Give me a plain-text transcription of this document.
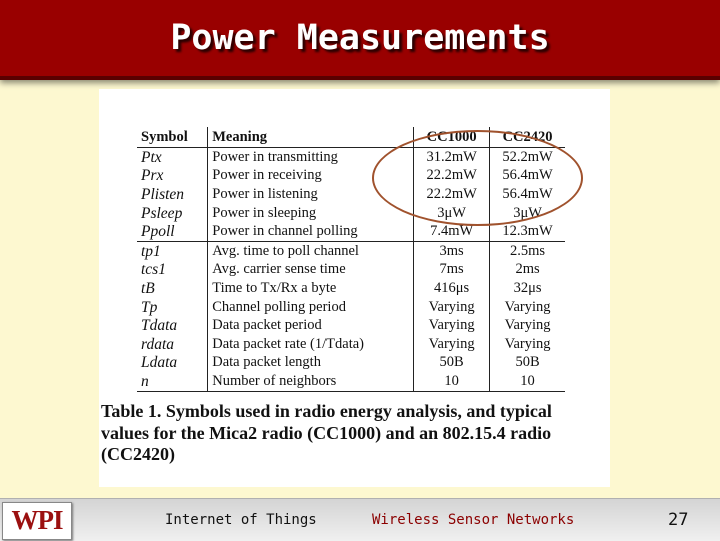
Power Measurements
Symbol	Meaning	CC1000	CC2420
Ptx	Power in transmitting	31.2mW	52.2mW
Prx	Power in receiving	22.2mW	56.4mW
Plisten	Power in listening	22.2mW	56.4mW
Psleep	Power in sleeping	3μW	3μW
Ppoll	Power in channel polling	7.4mW	12.3mW
tp1	Avg. time to poll channel	3ms	2.5ms
tcs1	Avg. carrier sense time	7ms	2ms
tB	Time to Tx/Rx a byte	416μs	32μs
Tp	Channel polling period	Varying	Varying
Tdata	Data packet period	Varying	Varying
rdata	Data packet rate (1/Tdata)	Varying	Varying
Ldata	Data packet length	50B	50B
n	Number of neighbors	10	10
Table 1. Symbols used in radio energy analysis, and typical values for the Mica2 radio (CC1000) and an 802.15.4 radio (CC2420)
WPI	Internet of Things	Wireless Sensor Networks	27
